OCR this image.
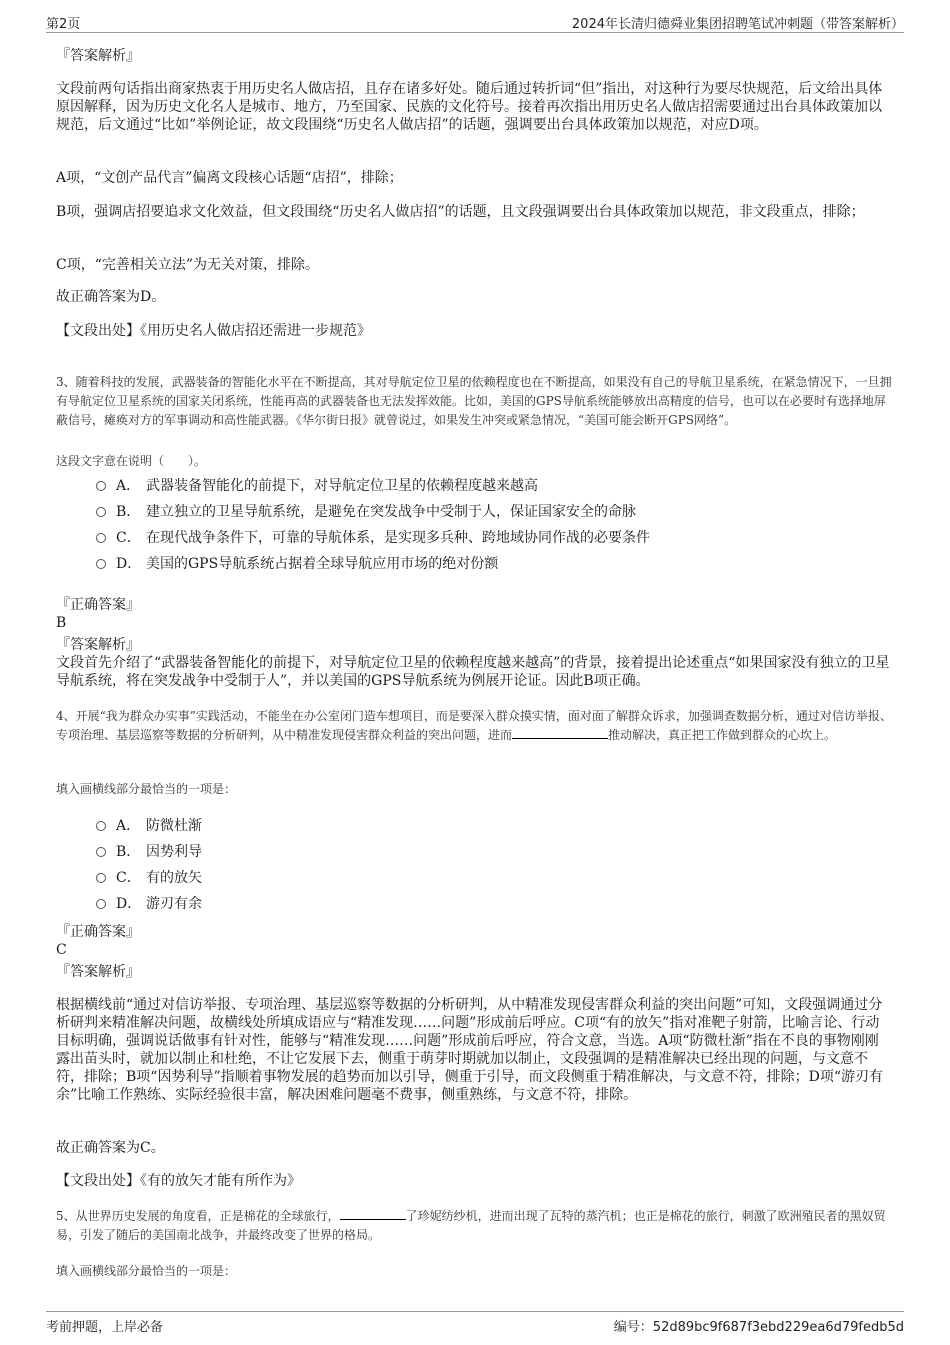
第2页	2024年长清归德舜业集团招聘笔试冲刺题（带答案解析）

『答案解析』

文段前两句话指出商家热衷于用历史名人做店招，且存在诸多好处。随后通过转折词“但”指出，对这种行为要尽快规范，后文给出具体原因解释，因为历史文化名人是城市、地方，乃至国家、民族的文化符号。接着再次指出用历史名人做店招需要通过出台具体政策加以规范，后文通过“比如”举例论证，故文段围绕“历史名人做店招”的话题，强调要出台具体政策加以规范，对应D项。

A项，“文创产品代言”偏离文段核心话题“店招”，排除；

B项，强调店招要追求文化效益，但文段围绕“历史名人做店招”的话题，且文段强调要出台具体政策加以规范，非文段重点，排除；

C项，“完善相关立法”为无关对策，排除。

故正确答案为D。

【文段出处】《用历史名人做店招还需进一步规范》

3、随着科技的发展，武器装备的智能化水平在不断提高，其对导航定位卫星的依赖程度也在不断提高，如果没有自己的导航卫星系统，在紧急情况下，一旦拥有导航定位卫星系统的国家关闭系统，性能再高的武器装备也无法发挥效能。比如，美国的GPS导航系统能够放出高精度的信号，也可以在必要时有选择地屏蔽信号，瘫痪对方的军事调动和高性能武器。《华尔街日报》就曾说过，如果发生冲突或紧急情况，“美国可能会断开GPS网络”。

这段文字意在说明（　　）。

A． 武器装备智能化的前提下，对导航定位卫星的依赖程度越来越高
B． 建立独立的卫星导航系统，是避免在突发战争中受制于人，保证国家安全的命脉
C． 在现代战争条件下，可靠的导航体系，是实现多兵种、跨地域协同作战的必要条件
D． 美国的GPS导航系统占据着全球导航应用市场的绝对份额

『正确答案』

B

『答案解析』

文段首先介绍了“武器装备智能化的前提下，对导航定位卫星的依赖程度越来越高”的背景，接着提出论述重点“如果国家没有独立的卫星导航系统，将在突发战争中受制于人”，并以美国的GPS导航系统为例展开论证。因此B项正确。

4、开展“我为群众办实事”实践活动，不能坐在办公室闭门造车想项目，而是要深入群众摸实情，面对面了解群众诉求，加强调查数据分析，通过对信访举报、专项治理、基层巡察等数据的分析研判，从中精准发现侵害群众利益的突出问题，进而	推动解决，真正把工作做到群众的心坎上。

填入画横线部分最恰当的一项是：

A． 防微杜渐
B． 因势利导
C． 有的放矢
D． 游刃有余

『正确答案』

C

『答案解析』

根据横线前“通过对信访举报、专项治理、基层巡察等数据的分析研判，从中精准发现侵害群众利益的突出问题”可知，文段强调通过分析研判来精准解决问题，故横线处所填成语应与“精准发现……问题”形成前后呼应。C项“有的放矢”指对准靶子射箭，比喻言论、行动目标明确，强调说话做事有针对性，能够与“精准发现……问题”形成前后呼应，符合文意，当选。A项“防微杜渐”指在不良的事物刚刚露出苗头时，就加以制止和杜绝，不让它发展下去，侧重于萌芽时期就加以制止，文段强调的是精准解决已经出现的问题，与文意不符，排除；B项“因势利导”指顺着事物发展的趋势而加以引导，侧重于引导，而文段侧重于精准解决，与文意不符，排除；D项“游刃有余”比喻工作熟练、实际经验很丰富，解决困难问题毫不费事，侧重熟练，与文意不符，排除。

故正确答案为C。

【文段出处】《有的放矢才能有所作为》

5、从世界历史发展的角度看，正是棉花的全球旅行，	了珍妮纺纱机，进而出现了瓦特的蒸汽机；也正是棉花的旅行，刺激了欧洲殖民者的黑奴贸易，引发了随后的美国南北战争，并最终改变了世界的格局。

填入画横线部分最恰当的一项是：

考前押题，上岸必备	编号：52d89bc9f687f3ebd229ea6d79fedb5d
